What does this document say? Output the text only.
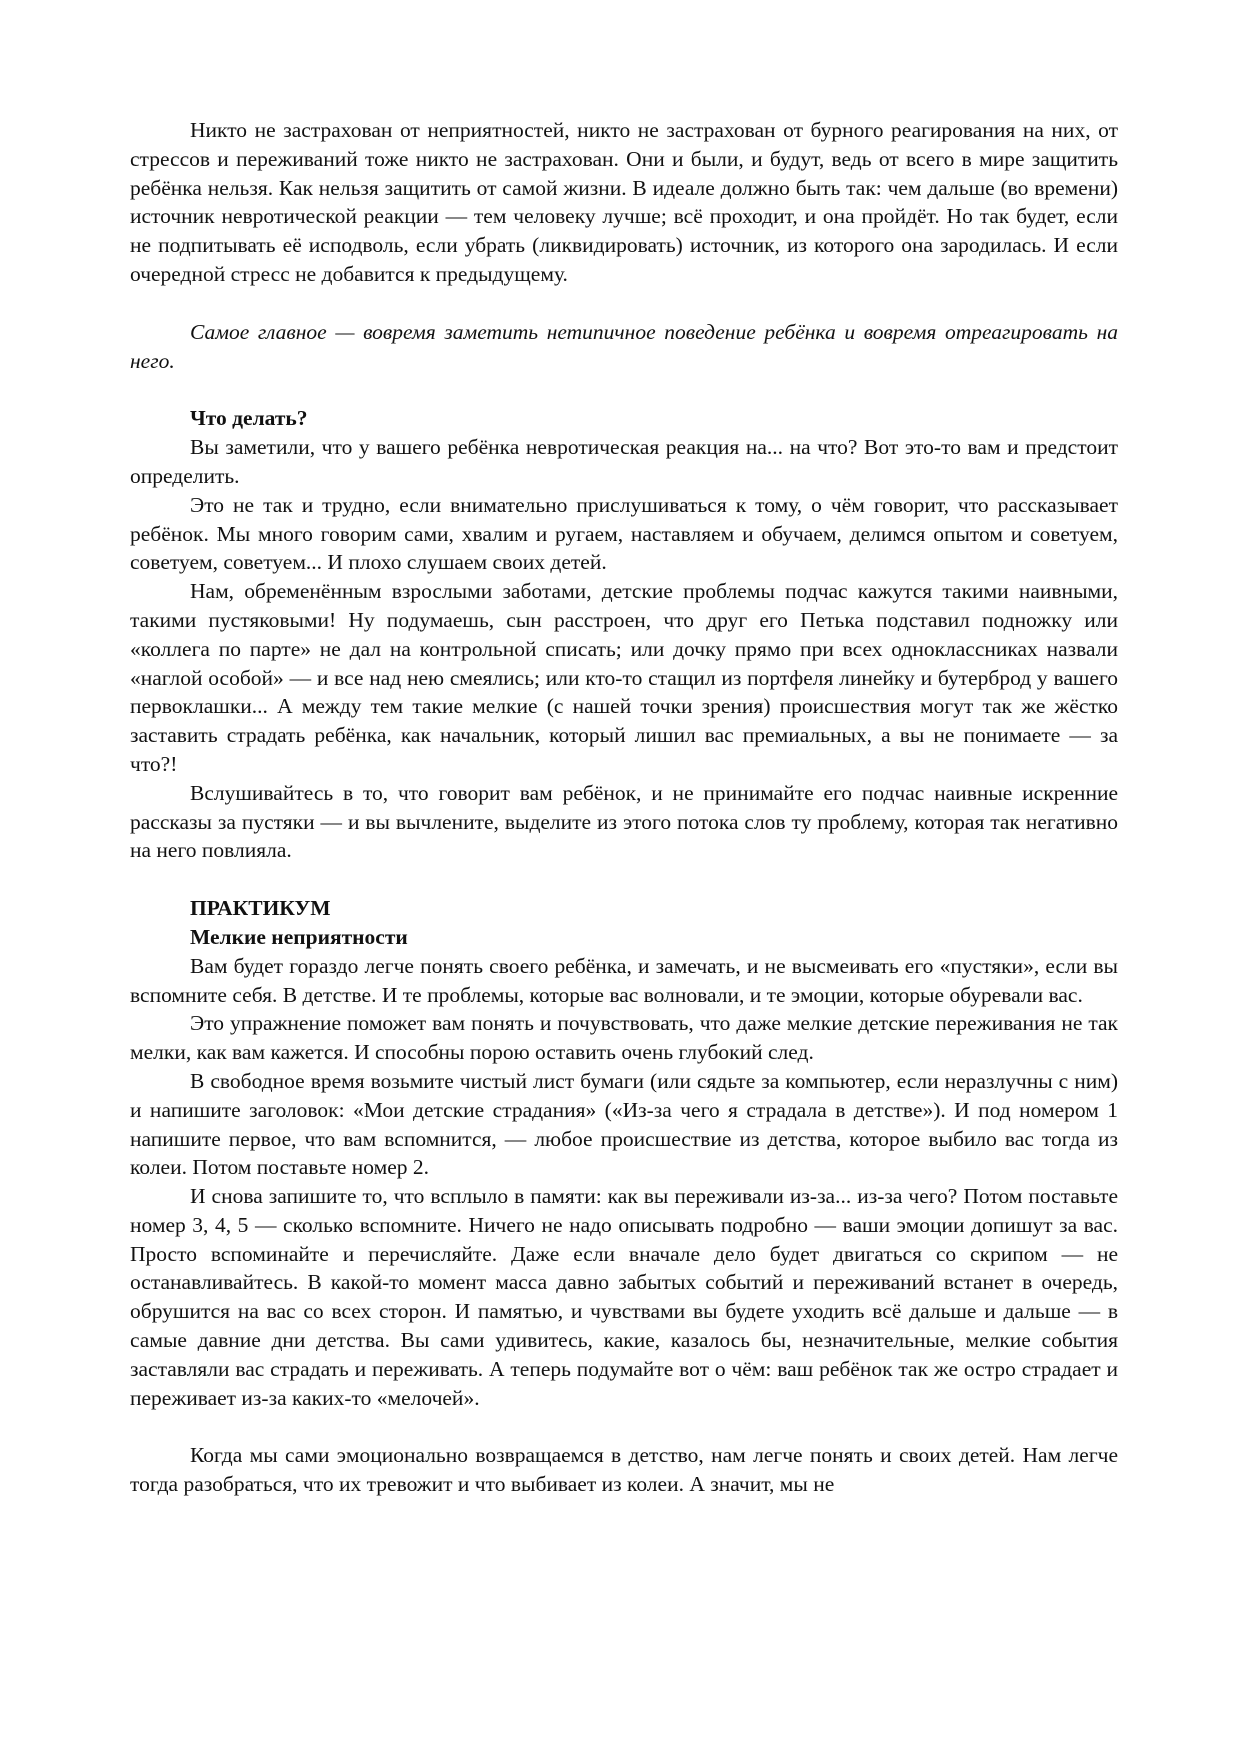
Никто не застрахован от неприятностей, никто не застрахован от бурного реагирования на них, от стрессов и переживаний тоже никто не застрахован. Они и были, и будут, ведь от всего в мире защитить ребёнка нельзя. Как нельзя защитить от самой жизни. В идеале должно быть так: чем дальше (во времени) источник невротической реакции — тем человеку лучше; всё проходит, и она пройдёт. Но так будет, если не подпитывать её исподволь, если убрать (ликвидировать) источник, из которого она зародилась. И если очередной стресс не добавится к предыдущему.

Самое главное — вовремя заметить нетипичное поведение ребёнка и вовремя отреагировать на него.

Что делать?

Вы заметили, что у вашего ребёнка невротическая реакция на... на что? Вот это-то вам и предстоит определить.

Это не так и трудно, если внимательно прислушиваться к тому, о чём говорит, что рассказывает ребёнок. Мы много говорим сами, хвалим и ругаем, наставляем и обучаем, делимся опытом и советуем, советуем, советуем... И плохо слушаем своих детей.

Нам, обременённым взрослыми заботами, детские проблемы подчас кажутся такими наивными, такими пустяковыми! Ну подумаешь, сын расстроен, что друг его Петька подставил подножку или «коллега по парте» не дал на контрольной списать; или дочку прямо при всех одноклассниках назвали «наглой особой» — и все над нею смеялись; или кто-то стащил из портфеля линейку и бутерброд у вашего первоклашки... А между тем такие мелкие (с нашей точки зрения) происшествия могут так же жёстко заставить страдать ребёнка, как начальник, который лишил вас премиальных, а вы не понимаете — за что?!

Вслушивайтесь в то, что говорит вам ребёнок, и не принимайте его подчас наивные искренние рассказы за пустяки — и вы вычлените, выделите из этого потока слов ту проблему, которая так негативно на него повлияла.

ПРАКТИКУМ
Мелкие неприятности

Вам будет гораздо легче понять своего ребёнка, и замечать, и не высмеивать его «пустяки», если вы вспомните себя. В детстве. И те проблемы, которые вас волновали, и те эмоции, которые обуревали вас.

Это упражнение поможет вам понять и почувствовать, что даже мелкие детские переживания не так мелки, как вам кажется. И способны порою оставить очень глубокий след.

В свободное время возьмите чистый лист бумаги (или сядьте за компьютер, если неразлучны с ним) и напишите заголовок: «Мои детские страдания» («Из-за чего я страдала в детстве»). И под номером 1 напишите первое, что вам вспомнится, — любое происшествие из детства, которое выбило вас тогда из колеи. Потом поставьте номер 2.

И снова запишите то, что всплыло в памяти: как вы переживали из-за... из-за чего? Потом поставьте номер 3, 4, 5 — сколько вспомните. Ничего не надо описывать подробно — ваши эмоции допишут за вас. Просто вспоминайте и перечисляйте. Даже если вначале дело будет двигаться со скрипом — не останавливайтесь. В какой-то момент масса давно забытых событий и переживаний встанет в очередь, обрушится на вас со всех сторон. И памятью, и чувствами вы будете уходить всё дальше и дальше — в самые давние дни детства. Вы сами удивитесь, какие, казалось бы, незначительные, мелкие события заставляли вас страдать и переживать. А теперь подумайте вот о чём: ваш ребёнок так же остро страдает и переживает из-за каких-то «мелочей».

Когда мы сами эмоционально возвращаемся в детство, нам легче понять и своих детей. Нам легче тогда разобраться, что их тревожит и что выбивает из колеи. А значит, мы не
